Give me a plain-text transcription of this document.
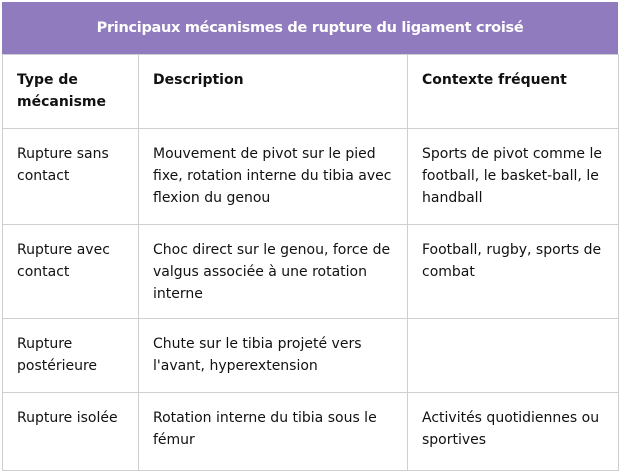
Principaux mécanismes de rupture du ligament croisé
Type de mécanisme	Description	Contexte fréquent
Rupture sans contact	Mouvement de pivot sur le pied fixe, rotation interne du tibia avec flexion du genou	Sports de pivot comme le football, le basket-ball, le handball
Rupture avec contact	Choc direct sur le genou, force de valgus associée à une rotation interne	Football, rugby, sports de combat
Rupture postérieure	Chute sur le tibia projeté vers l'avant, hyperextension	
Rupture isolée	Rotation interne du tibia sous le fémur	Activités quotidiennes ou sportives
